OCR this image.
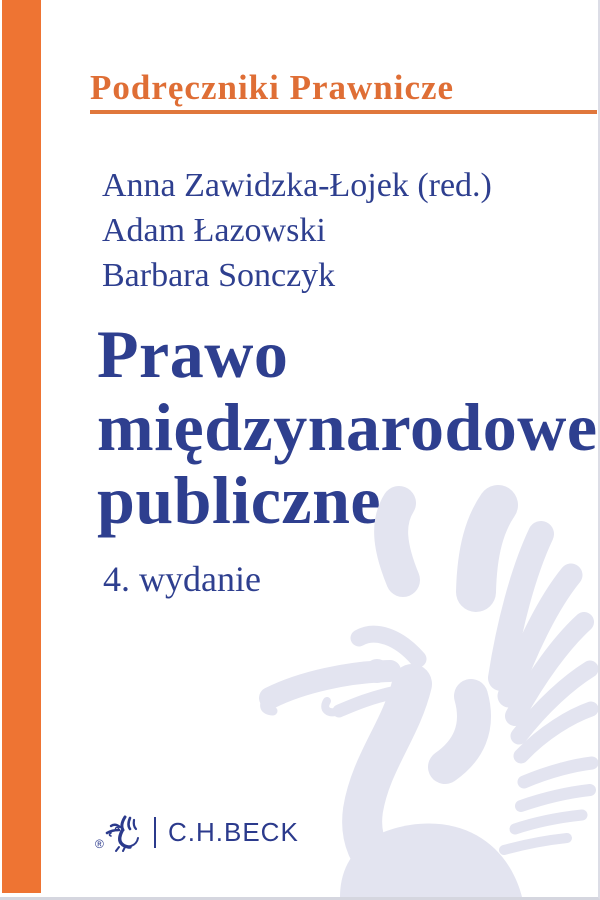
Podręczniki Prawnicze
Anna Zawidzka-Łojek (red.)
Adam Łazowski
Barbara Sonczyk
Prawo
międzynarodowe
publiczne
4. wydanie
® C.H.BECK
